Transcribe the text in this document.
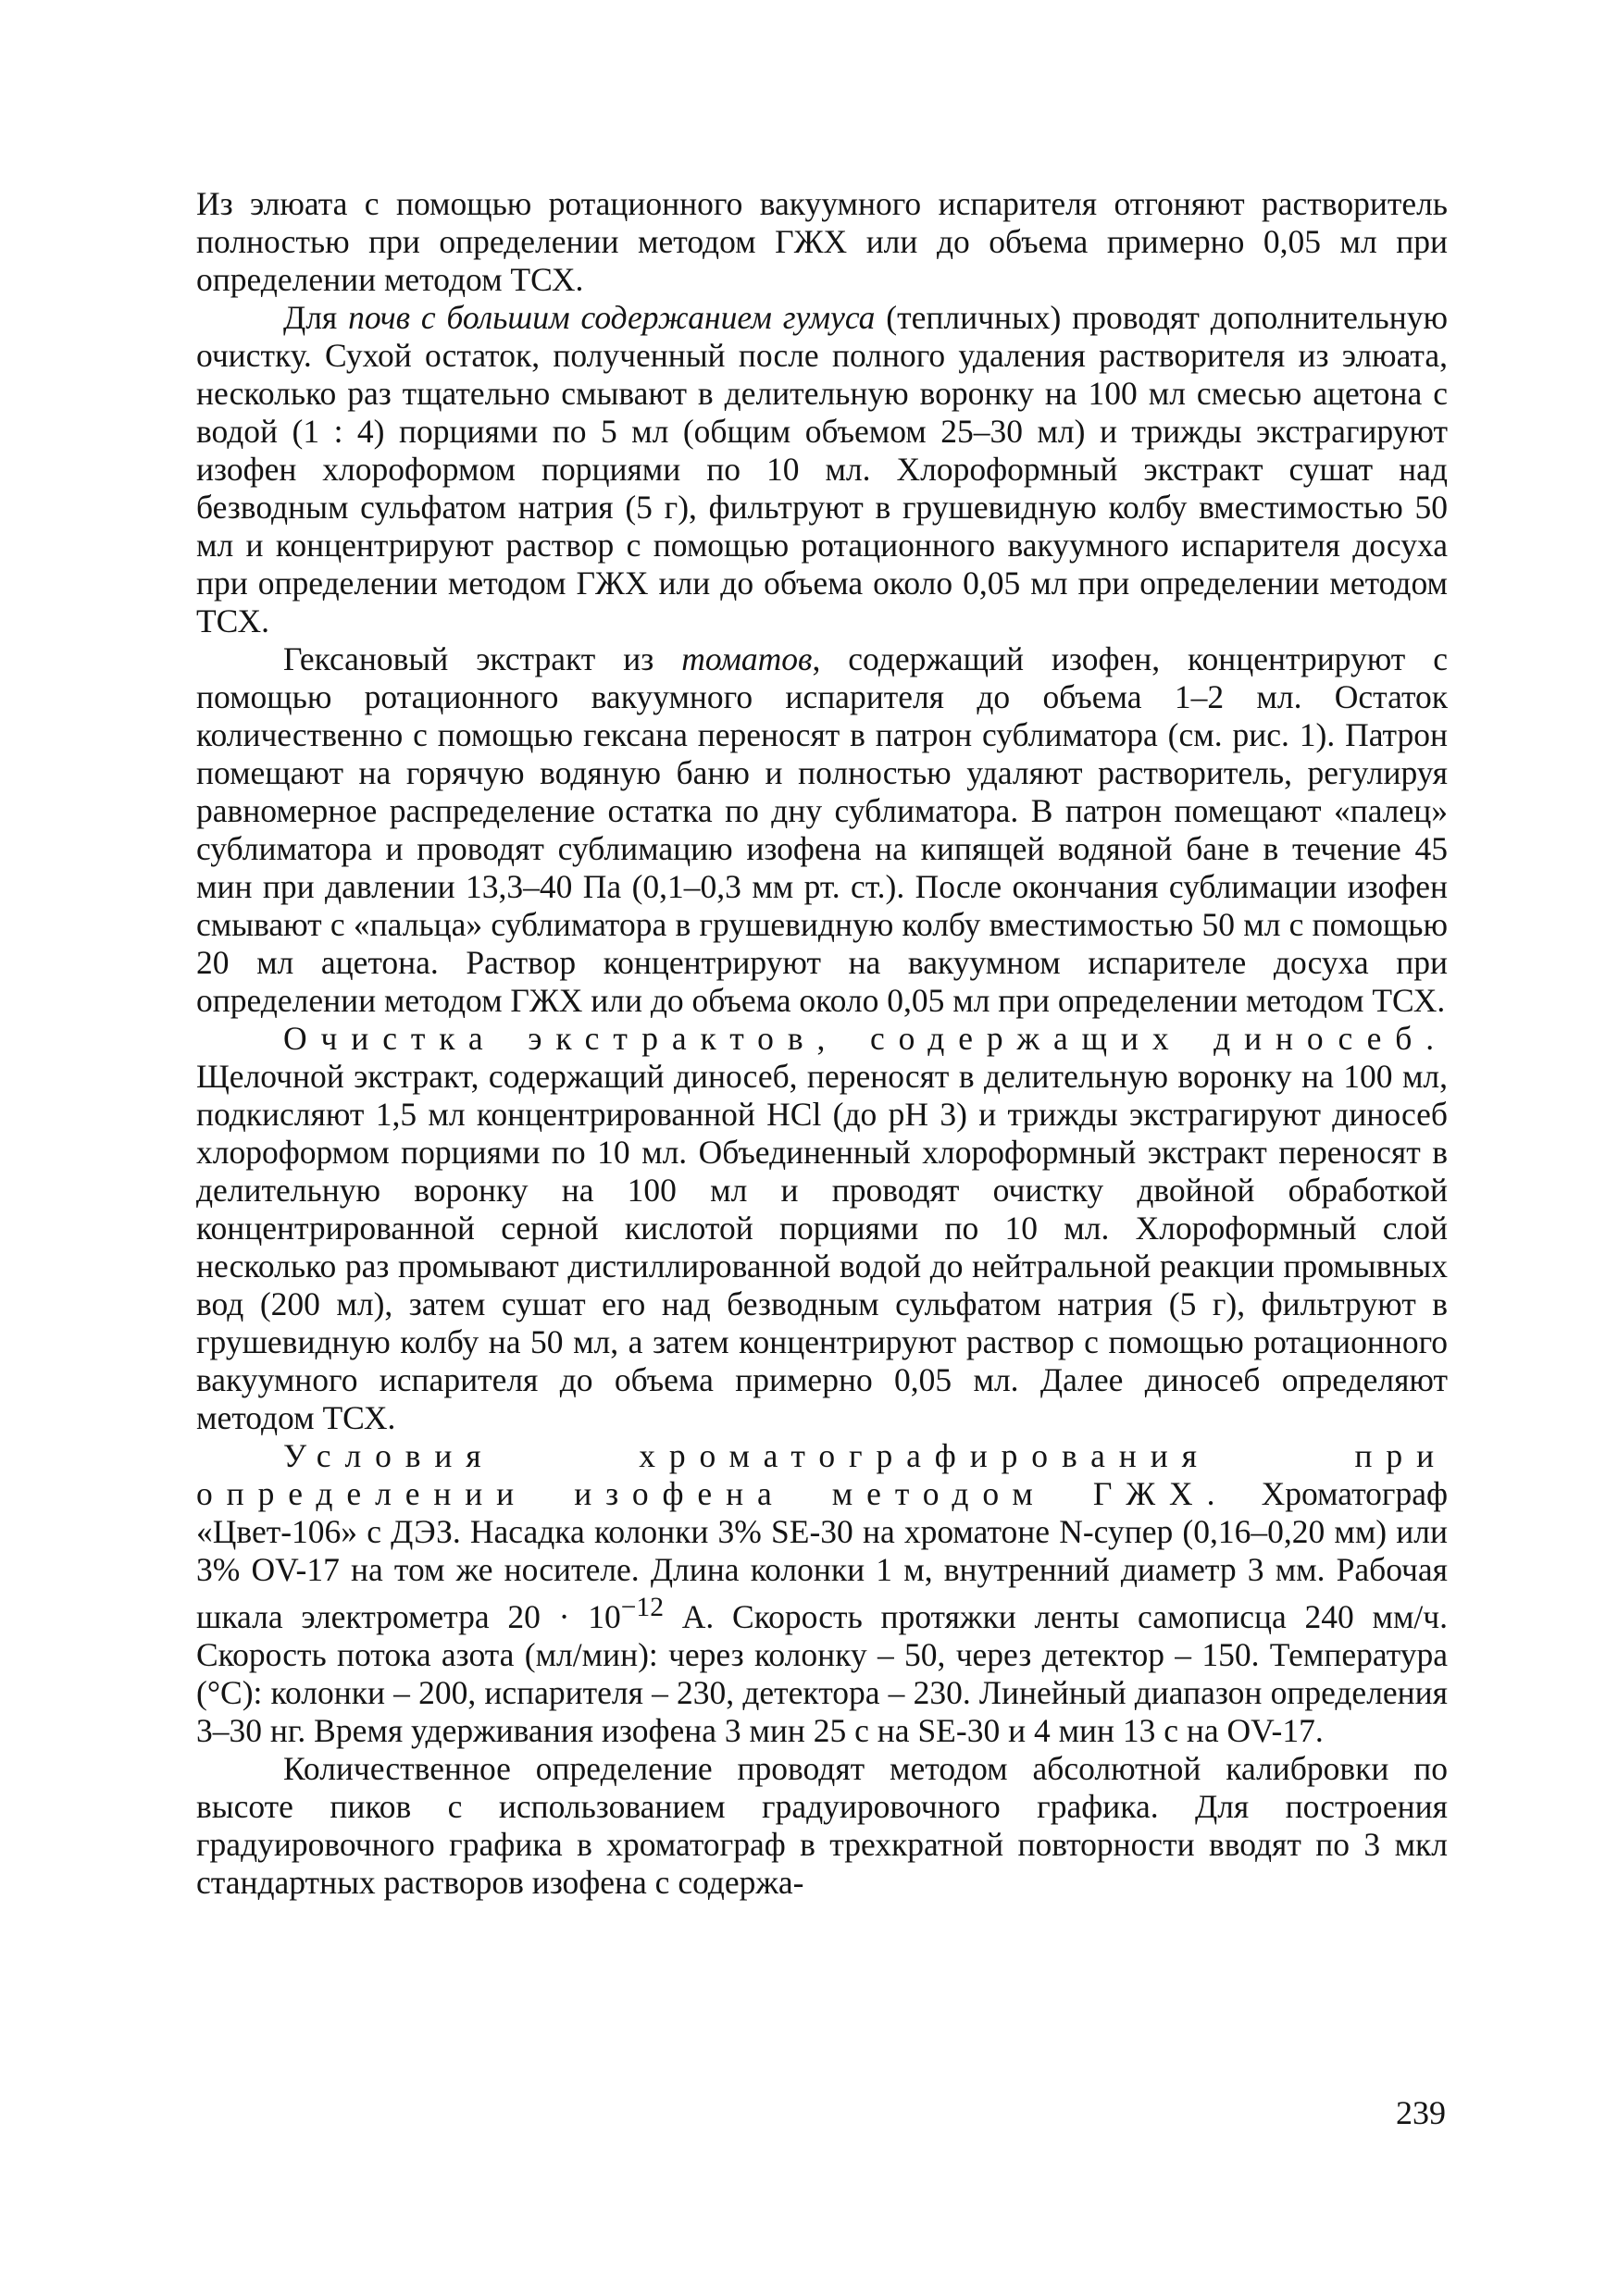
Из элюата с помощью ротационного вакуумного испарителя отгоняют растворитель полностью при определении методом ГЖХ или до объема примерно 0,05 мл при определении методом ТСХ.

Для почв с большим содержанием гумуса (тепличных) проводят дополнительную очистку. Сухой остаток, полученный после полного удаления растворителя из элюата, несколько раз тщательно смывают в делительную воронку на 100 мл смесью ацетона с водой (1 : 4) порциями по 5 мл (общим объемом 25–30 мл) и трижды экстрагируют изофен хлороформом порциями по 10 мл. Хлороформный экстракт сушат над безводным сульфатом натрия (5 г), фильтруют в грушевидную колбу вместимостью 50 мл и концентрируют раствор с помощью ротационного вакуумного испарителя досуха при определении методом ГЖХ или до объема около 0,05 мл при определении методом ТСХ.

Гексановый экстракт из томатов, содержащий изофен, концентрируют с помощью ротационного вакуумного испарителя до объема 1–2 мл. Остаток количественно с помощью гексана переносят в патрон сублиматора (см. рис. 1). Патрон помещают на горячую водяную баню и полностью удаляют растворитель, регулируя равномерное распределение остатка по дну сублиматора. В патрон помещают «палец» сублиматора и проводят сублимацию изофена на кипящей водяной бане в течение 45 мин при давлении 13,3–40 Па (0,1–0,3 мм рт. ст.). После окончания сублимации изофен смывают с «пальца» сублиматора в грушевидную колбу вместимостью 50 мл с помощью 20 мл ацетона. Раствор концентрируют на вакуумном испарителе досуха при определении методом ГЖХ или до объема около 0,05 мл при определении методом ТСХ.

Очистка экстрактов, содержащих диносеб. Щелочной экстракт, содержащий диносеб, переносят в делительную воронку на 100 мл, подкисляют 1,5 мл концентрированной HCl (до pH 3) и трижды экстрагируют диносеб хлороформом порциями по 10 мл. Объединенный хлороформный экстракт переносят в делительную воронку на 100 мл и проводят очистку двойной обработкой концентрированной серной кислотой порциями по 10 мл. Хлороформный слой несколько раз промывают дистиллированной водой до нейтральной реакции промывных вод (200 мл), затем сушат его над безводным сульфатом натрия (5 г), фильтруют в грушевидную колбу на 50 мл, а затем концентрируют раствор с помощью ротационного вакуумного испарителя до объема примерно 0,05 мл. Далее диносеб определяют методом ТСХ.

Условия хроматографирования при определении изофена методом ГЖХ. Хроматограф «Цвет-106» с ДЭЗ. Насадка колонки 3% SE-30 на хроматоне N-супер (0,16–0,20 мм) или 3% OV-17 на том же носителе. Длина колонки 1 м, внутренний диаметр 3 мм. Рабочая шкала электрометра $20 \cdot 10^{-12}$ А. Скорость протяжки ленты самописца 240 мм/ч. Скорость потока азота (мл/мин): через колонку – 50, через детектор – 150. Температура (°С): колонки – 200, испарителя – 230, детектора – 230. Линейный диапазон определения 3–30 нг. Время удерживания изофена 3 мин 25 с на SE-30 и 4 мин 13 с на OV-17.

Количественное определение проводят методом абсолютной калибровки по высоте пиков с использованием градуировочного графика. Для построения градуировочного графика в хроматограф в трехкратной повторности вводят по 3 мкл стандартных растворов изофена с содержа-

239
